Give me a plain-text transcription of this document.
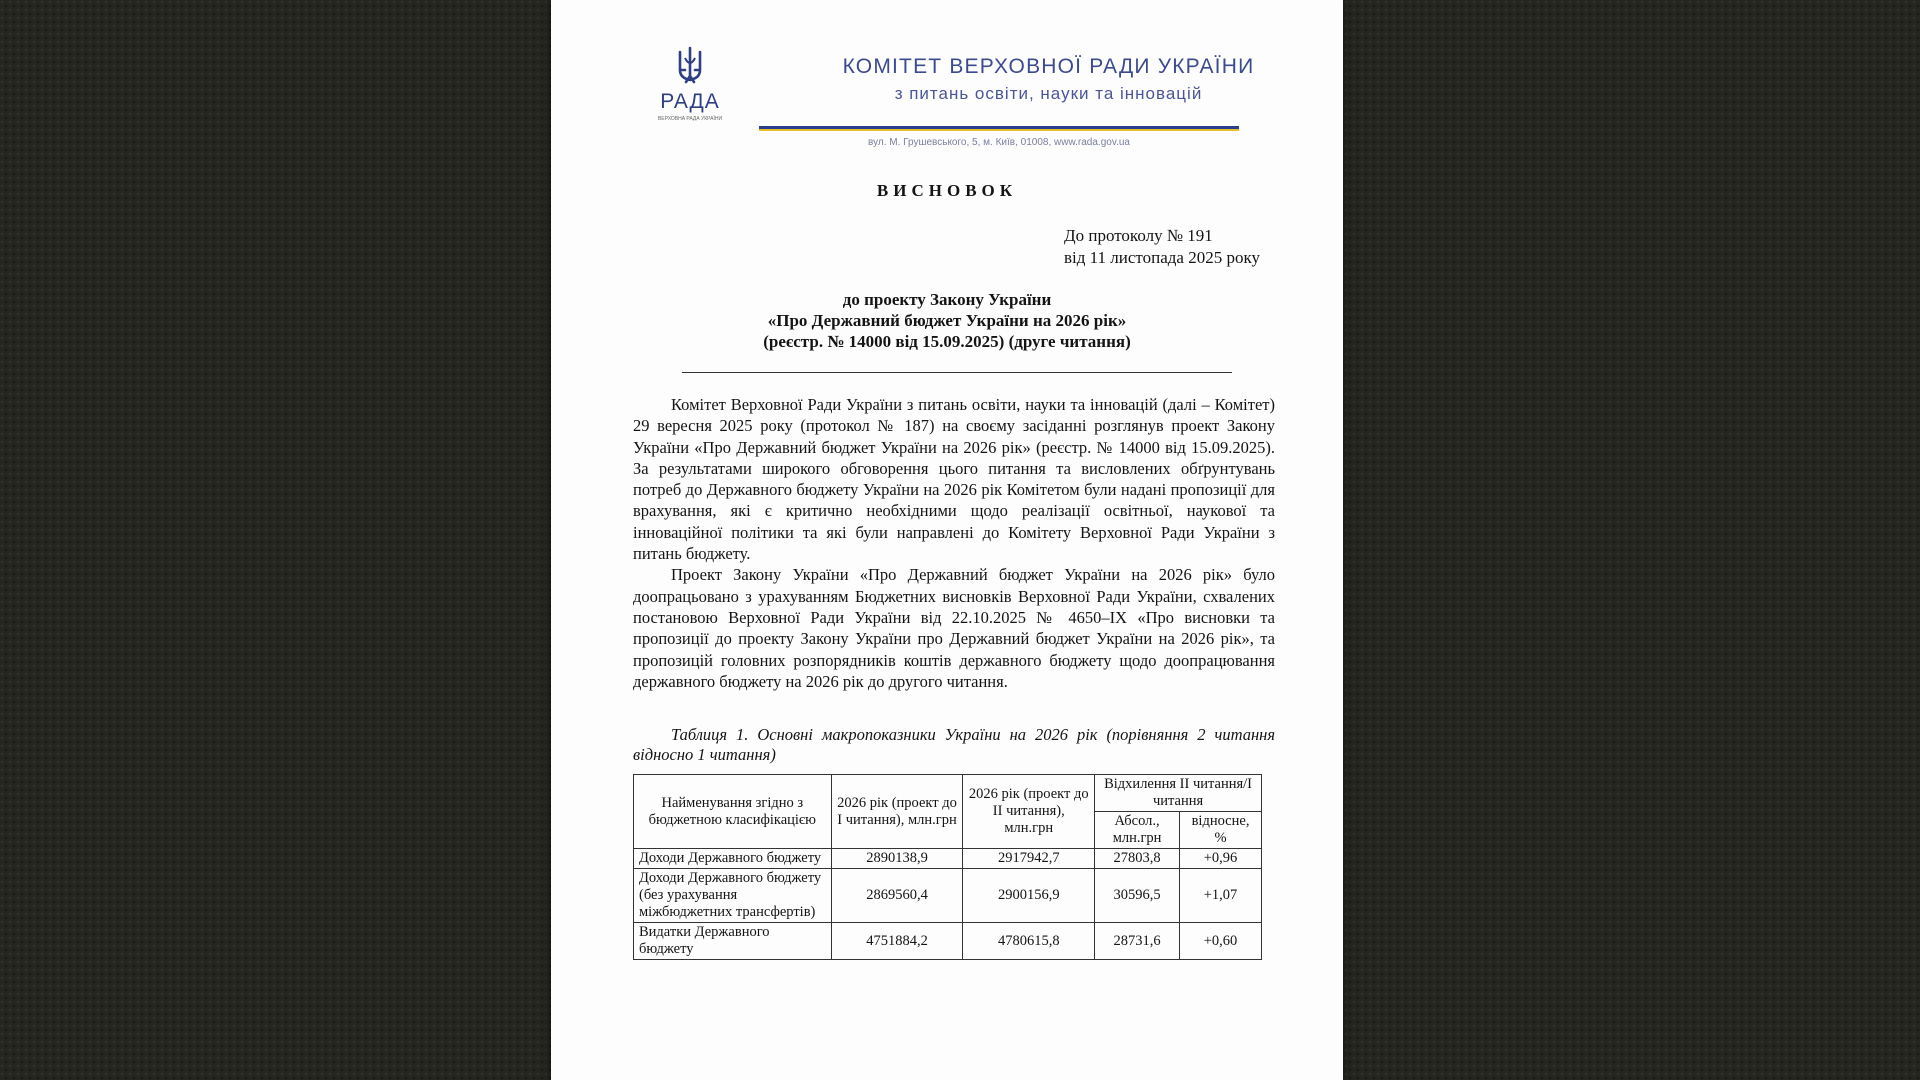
РАДА
ВЕРХОВНА РАДА УКРАЇНИ
КОМІТЕТ ВЕРХОВНОЇ РАДИ УКРАЇНИ
з питань освіти, науки та інновацій
вул. М. Грушевського, 5, м. Київ, 01008, www.rada.gov.ua
ВИСНОВОК
До протоколу № 191
від 11 листопада 2025 року
до проекту Закону України
«Про Державний бюджет України на 2026 рік»
(реєстр. № 14000 від 15.09.2025) (друге читання)

Комітет Верховної Ради України з питань освіти, науки та інновацій (далі – Комітет) 29 вересня 2025 року (протокол № 187) на своєму засіданні розглянув проект Закону України «Про Державний бюджет України на 2026 рік» (реєстр. № 14000 від 15.09.2025). За результатами широкого обговорення цього питання та висловлених обґрунтувань потреб до Державного бюджету України на 2026 рік Комітетом були надані пропозиції для врахування, які є критично необхідними щодо реалізації освітньої, наукової та інноваційної політики та які були направлені до Комітету Верховної Ради України з питань бюджету.

Проект Закону України «Про Державний бюджет України на 2026 рік» було доопрацьовано з урахуванням Бюджетних висновків Верховної Ради України, схвалених постановою Верховної Ради України від 22.10.2025 № 4650–IX «Про висновки та пропозиції до проекту Закону України про Державний бюджет України на 2026 рік», та пропозицій головних розпорядників коштів державного бюджету щодо доопрацювання державного бюджету на 2026 рік до другого читання.

Таблиця 1. Основні макропоказники України на 2026 рік (порівняння 2 читання відносно 1 читання)
Найменування згідно з бюджетною класифікацією	2026 рік (проект до І читання), млн.грн	2026 рік (проект до ІІ читання), млн.грн	Відхилення ІІ читання/І читання	
			Абсол., млн.грн	відносне, %
Доходи Державного бюджету	2890138,9	2917942,7	27803,8	+0,96
Доходи Державного бюджету (без урахування міжбюджетних трансфертів)	2869560,4	2900156,9	30596,5	+1,07
Видатки Державного бюджету	4751884,2	4780615,8	28731,6	+0,60
